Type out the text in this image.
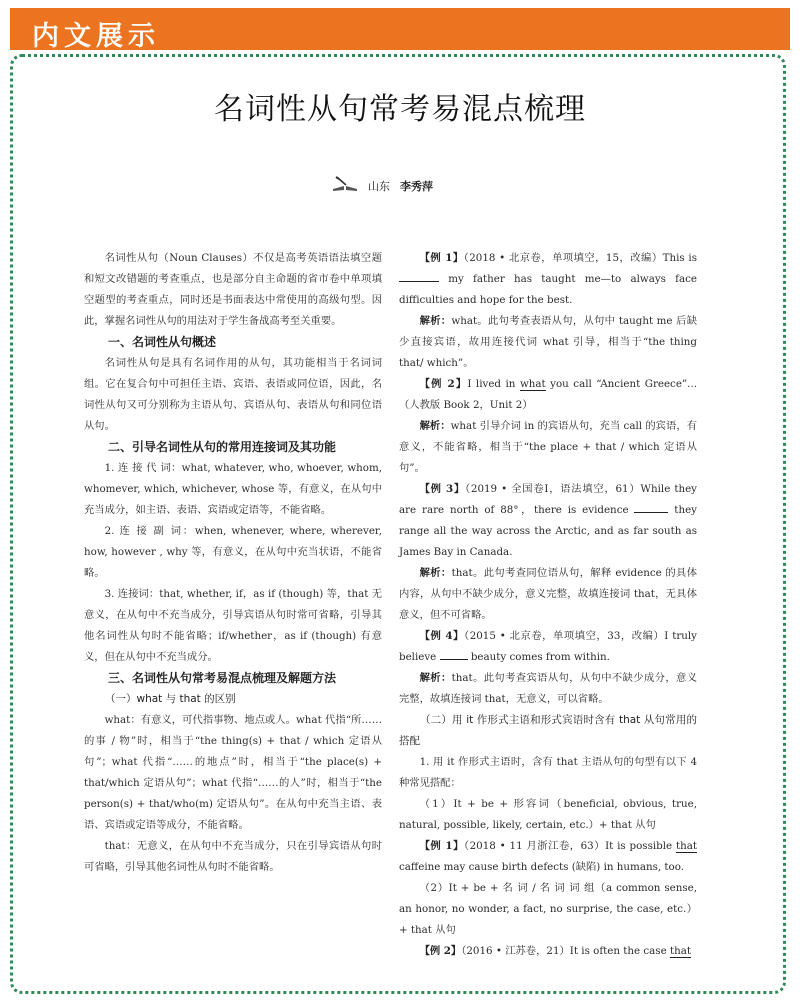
内文展示
名词性从句常考易混点梳理
山东 李秀萍

名词性从句（Noun Clauses）不仅是高考英语语法填空题和短文改错题的考查重点，也是部分自主命题的省市卷中单项填空题型的考查重点，同时还是书面表达中常使用的高级句型。因此，掌握名词性从句的用法对于学生备战高考至关重要。

一、名词性从句概述

名词性从句是具有名词作用的从句，其功能相当于名词词组。它在复合句中可担任主语、宾语、表语或同位语，因此，名词性从句又可分别称为主语从句、宾语从句、表语从句和同位语从句。

二、引导名词性从句的常用连接词及其功能

1. 连 接 代 词：what, whatever, who, whoever, whom, whomever, which, whichever, whose 等，有意义，在从句中充当成分，如主语、表语、宾语或定语等，不能省略。

2. 连 接 副 词：when, whenever, where, wherever, how, however , why 等，有意义，在从句中充当状语，不能省略。

3. 连接词：that, whether, if，as if (though) 等，that 无意义，在从句中不充当成分，引导宾语从句时常可省略，引导其他名词性从句时不能省略；if/whether，as if (though) 有意义，但在从句中不充当成分。

三、名词性从句常考易混点梳理及解题方法

（一）what 与 that 的区别

what：有意义，可代指事物、地点或人。what 代指“所……的事 / 物”时，相当于“the thing(s) + that / which 定语从句”；what 代指“……的地点”时，相当于“the place(s) + that/which 定语从句”；what 代指“……的人”时，相当于“the person(s) + that/who(m) 定语从句”。在从句中充当主语、表语、宾语或定语等成分，不能省略。

that：无意义，在从句中不充当成分，只在引导宾语从句时可省略，引导其他名词性从句时不能省略。

【例 1】（2018 • 北京卷，单项填空，15，改编）This is my father has taught me—to always face difficulties and hope for the best.

解析：what。此句考查表语从句，从句中 taught me 后缺少直接宾语，故用连接代词 what 引导，相当于“the thing that/ which”。

【例 2】I lived in what you call “Ancient Greece”...（人教版 Book 2，Unit 2）

解析：what 引导介词 in 的宾语从句，充当 call 的宾语，有意义，不能省略，相当于“the place + that / which 定语从句”。

【例 3】（2019 • 全国卷Ⅰ，语法填空，61）While they are rare north of 88°，there is evidence	they range all the way across the Arctic, and as far south as James Bay in Canada.

解析：that。此句考查同位语从句，解释 evidence 的具体内容，从句中不缺少成分，意义完整，故填连接词 that，无具体意义，但不可省略。

【例 4】（2015 • 北京卷，单项填空，33，改编）I truly believe	beauty comes from within.

解析：that。此句考查宾语从句，从句中不缺少成分，意义完整，故填连接词 that，无意义，可以省略。

（二）用 it 作形式主语和形式宾语时含有 that 从句常用的搭配

1. 用 it 作形式主语时，含有 that 主语从句的句型有以下 4 种常见搭配：

（1）It + be + 形容词（beneficial, obvious, true, natural, possible, likely, certain, etc.）+ that 从句

【例 1】（2018 • 11 月浙江卷，63）It is possible that caffeine may cause birth defects (缺陷) in humans, too.

（2）It + be + 名 词 / 名 词 词 组（a common sense, an honor, no wonder, a fact, no surprise, the case, etc.）+ that 从句

【例 2】（2016 • 江苏卷，21）It is often the case that
